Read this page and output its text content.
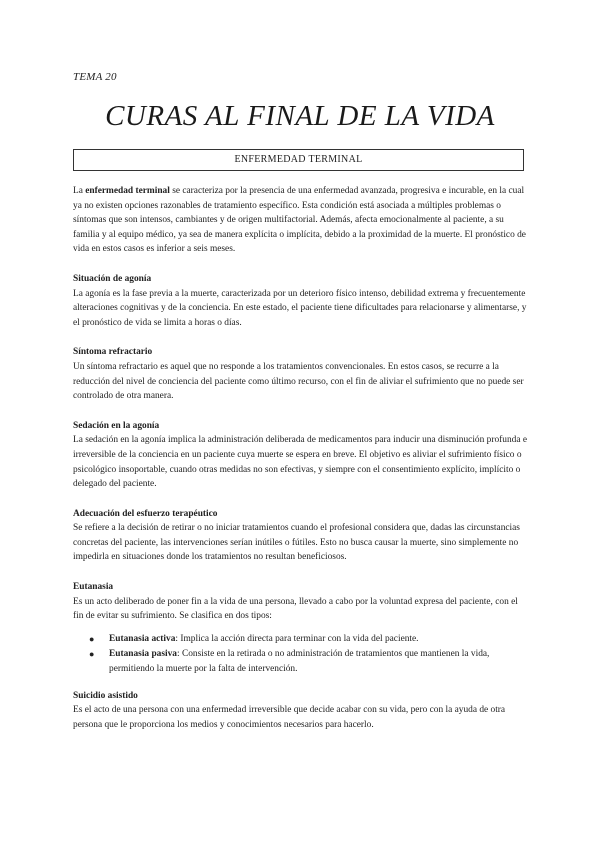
TEMA 20
CURAS AL FINAL DE LA VIDA
ENFERMEDAD TERMINAL

La enfermedad terminal se caracteriza por la presencia de una enfermedad avanzada, progresiva e incurable, en la cual ya no existen opciones razonables de tratamiento específico. Esta condición está asociada a múltiples problemas o síntomas que son intensos, cambiantes y de origen multifactorial. Además, afecta emocionalmente al paciente, a su familia y al equipo médico, ya sea de manera explícita o implícita, debido a la proximidad de la muerte. El pronóstico de vida en estos casos es inferior a seis meses.

Situación de agonía

La agonía es la fase previa a la muerte, caracterizada por un deterioro físico intenso, debilidad extrema y frecuentemente alteraciones cognitivas y de la conciencia. En este estado, el paciente tiene dificultades para relacionarse y alimentarse, y el pronóstico de vida se limita a horas o días.

Síntoma refractario

Un síntoma refractario es aquel que no responde a los tratamientos convencionales. En estos casos, se recurre a la reducción del nivel de conciencia del paciente como último recurso, con el fin de aliviar el sufrimiento que no puede ser controlado de otra manera.

Sedación en la agonía

La sedación en la agonía implica la administración deliberada de medicamentos para inducir una disminución profunda e irreversible de la conciencia en un paciente cuya muerte se espera en breve. El objetivo es aliviar el sufrimiento físico o psicológico insoportable, cuando otras medidas no son efectivas, y siempre con el consentimiento explícito, implícito o delegado del paciente.

Adecuación del esfuerzo terapéutico

Se refiere a la decisión de retirar o no iniciar tratamientos cuando el profesional considera que, dadas las circunstancias concretas del paciente, las intervenciones serían inútiles o fútiles. Esto no busca causar la muerte, sino simplemente no impedirla en situaciones donde los tratamientos no resultan beneficiosos.

Eutanasia

Es un acto deliberado de poner fin a la vida de una persona, llevado a cabo por la voluntad expresa del paciente, con el fin de evitar su sufrimiento. Se clasifica en dos tipos:

● Eutanasia activa: Implica la acción directa para terminar con la vida del paciente.
● Eutanasia pasiva: Consiste en la retirada o no administración de tratamientos que mantienen la vida, permitiendo la muerte por la falta de intervención.
Suicidio asistido

Es el acto de una persona con una enfermedad irreversible que decide acabar con su vida, pero con la ayuda de otra persona que le proporciona los medios y conocimientos necesarios para hacerlo.
